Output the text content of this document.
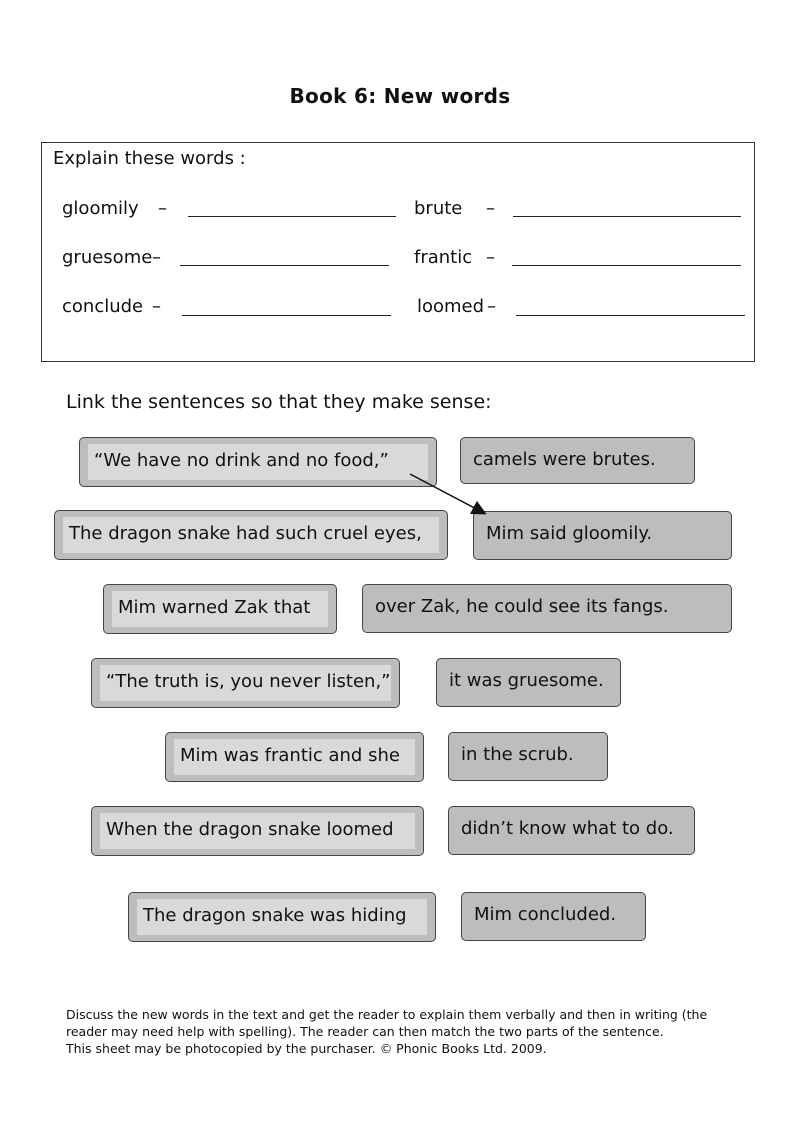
Book 6: New words
Explain these words :
gloomily –	brute –
gruesome –	frantic –
conclude –	loomed –
Link the sentences so that they make sense:
“We have no drink and no food,”
The dragon snake had such cruel eyes,
Mim warned Zak that
“The truth is, you never listen,”
Mim was frantic and she
When the dragon snake loomed
The dragon snake was hiding
camels were brutes.
Mim said gloomily.
over Zak, he could see its fangs.
it was gruesome.
in the scrub.
didn’t know what to do.
Mim concluded.
Discuss the new words in the text and get the reader to explain them verbally and then in writing (the
reader may need help with spelling). The reader can then match the two parts of the sentence.
This sheet may be photocopied by the purchaser. © Phonic Books Ltd. 2009.
